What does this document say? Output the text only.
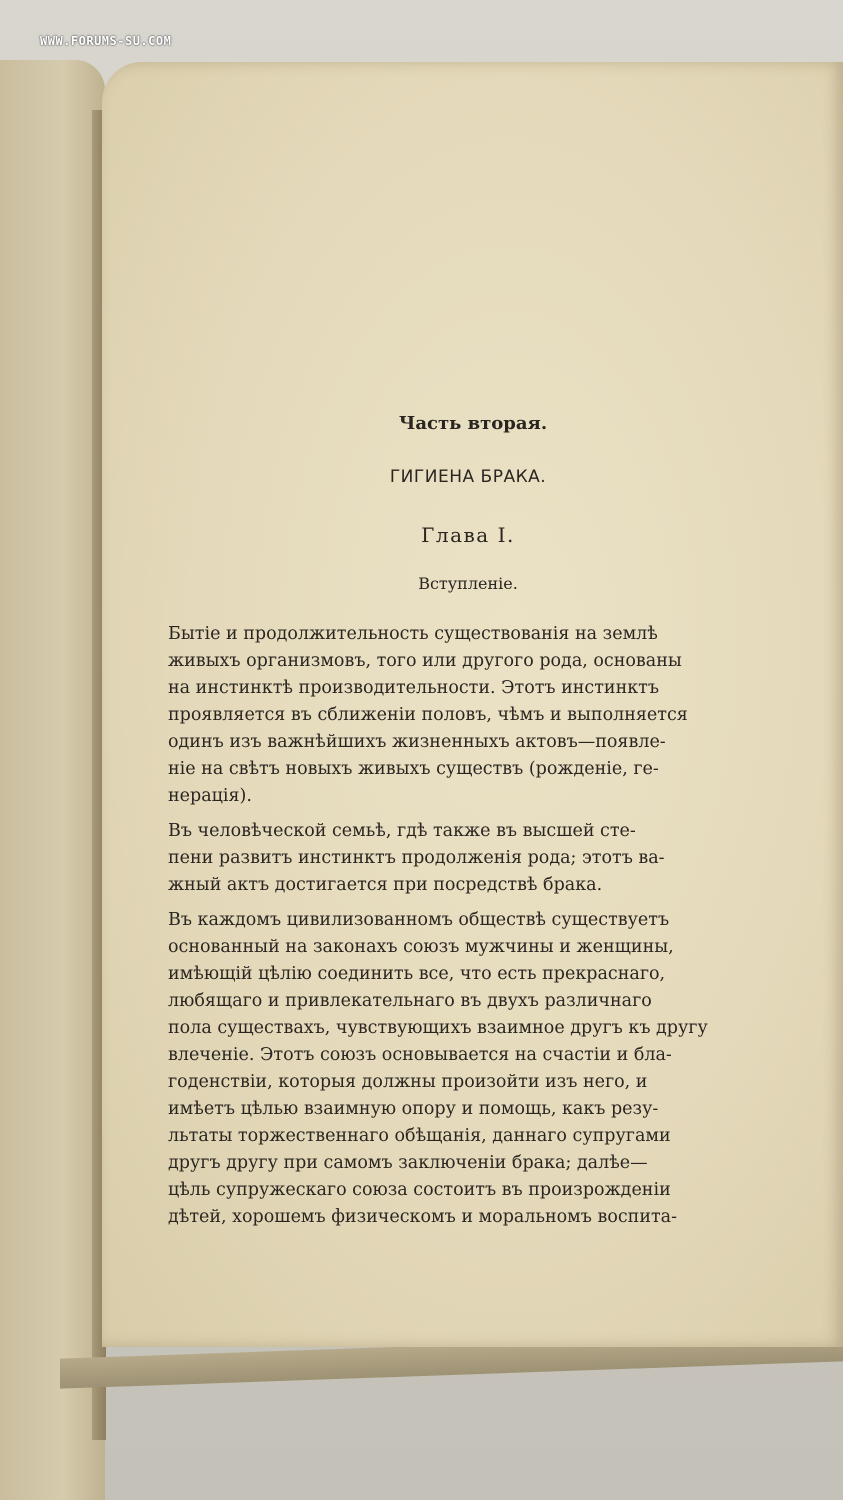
WWW.FORUMS-SU.COM
Часть вторая.
ГИГИЕНА БРАКА.
Глава I.
Вступленіе.
Бытіе и продолжительность существованія на землѣ
живыхъ организмовъ, того или другого рода, основаны
на инстинктѣ производительности. Этотъ инстинктъ
проявляется въ сближеніи половъ, чѣмъ и выполняется
одинъ изъ важнѣйшихъ жизненныхъ актовъ—появле-
ніе на свѣтъ новыхъ живыхъ существъ (рожденіе, ге-
нерація).
Въ человѣческой семьѣ, гдѣ также въ высшей сте-
пени развитъ инстинктъ продолженія рода; этотъ ва-
жный актъ достигается при посредствѣ брака.
Въ каждомъ цивилизованномъ обществѣ существуетъ
основанный на законахъ союзъ мужчины и женщины,
имѣющій цѣлію соединить все, что есть прекраснаго,
любящаго и привлекательнаго въ двухъ различнаго
пола существахъ, чувствующихъ взаимное другъ къ другу
влеченіе. Этотъ союзъ основывается на счастіи и бла-
годенствіи, которыя должны произойти изъ него, и
имѣетъ цѣлью взаимную опору и помощь, какъ резу-
льтаты торжественнаго обѣщанія, даннаго супругами
другъ другу при самомъ заключеніи брака; далѣе—
цѣль супружескаго союза состоитъ въ произрожденіи
дѣтей, хорошемъ физическомъ и моральномъ воспита-
